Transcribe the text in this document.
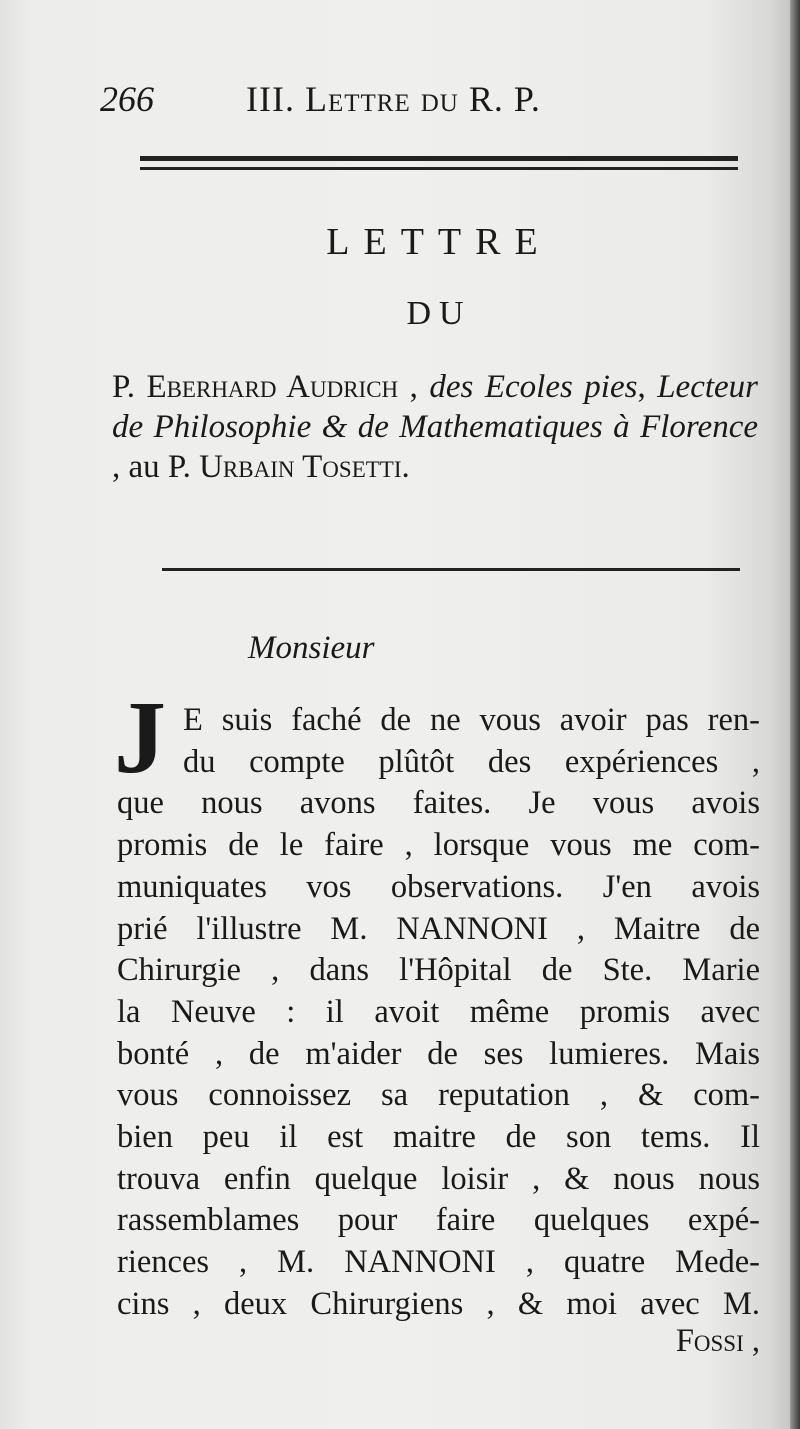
266	III. Lettre du R. P.
LETTRE
DU
P. Eberhard Audrich , des Ecoles pies, Lecteur de Philosophie & de Mathematiques à Florence , au P. Urbain Tosetti.
Monsieur
J E suis faché de ne vous avoir pas ren-
du compte plûtôt des expériences ,
que nous avons faites. Je vous avois
promis de le faire , lorsque vous me com-
muniquates vos observations. J'en avois
prié l'illustre M. NANNONI , Maitre de
Chirurgie , dans l'Hôpital de Ste. Marie
la Neuve : il avoit même promis avec
bonté , de m'aider de ses lumieres. Mais
vous connoissez sa reputation , & com-
bien peu il est maitre de son tems. Il
trouva enfin quelque loisir , & nous nous
rassemblames pour faire quelques expé-
riences , M. NANNONI , quatre Mede-
cins , deux Chirurgiens , & moi avec M.
Fossi ,
